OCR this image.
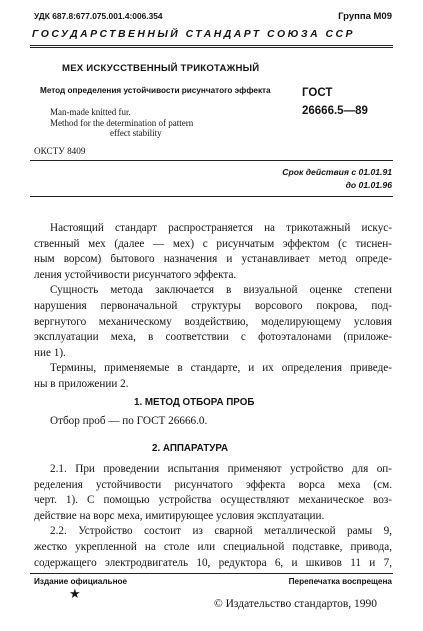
УДК 687.8:677.075.001.4:006.354	Группа М09
ГОСУДАРСТВЕННЫЙ СТАНДАРТ СОЮЗА ССР
МЕХ ИСКУССТВЕННЫЙ ТРИКОТАЖНЫЙ
Метод определения устойчивости рисунчатого эффекта	ГОСТ
26666.5—89
Man-made knitted fur.
Method for the determination of pattern
effect stability
ОКСТУ 8409
Срок действия с 01.01.91
до 01.01.96
Настоящий стандарт распространяется на трикотажный искус-
ственный мех (далее — мех) с рисунчатым эффектом (с тиснен-
ным ворсом) бытового назначения и устанавливает метод опреде-
ления устойчивости рисунчатого эффекта.
Сущность метода заключается в визуальной оценке степени
нарушения первоначальной структуры ворсового покрова, под-
вергнутого механическому воздействию, моделирующему условия
эксплуатации меха, в соответствии с фотоэталонами (приложе-
ние 1).
Термины, применяемые в стандарте, и их определения приведе-
ны в приложении 2.
1. МЕТОД ОТБОРА ПРОБ
Отбор проб — по ГОСТ 26666.0.
2. АППАРАТУРА
2.1. При проведении испытания применяют устройство для оп-
ределения устойчивости рисунчатого эффекта ворса меха (см.
черт. 1). С помощью устройства осуществляют механическое воз-
действие на ворс меха, имитирующее условия эксплуатации.
2.2. Устройство состоит из сварной металлической рамы 9,
жестко укрепленной на столе или специальной подставке, привода,
содержащего электродвигатель 10, редуктора 6, и шкивов 11 и 7,
Издание официальное	Перепечатка воспрещена
★
© Издательство стандартов, 1990
